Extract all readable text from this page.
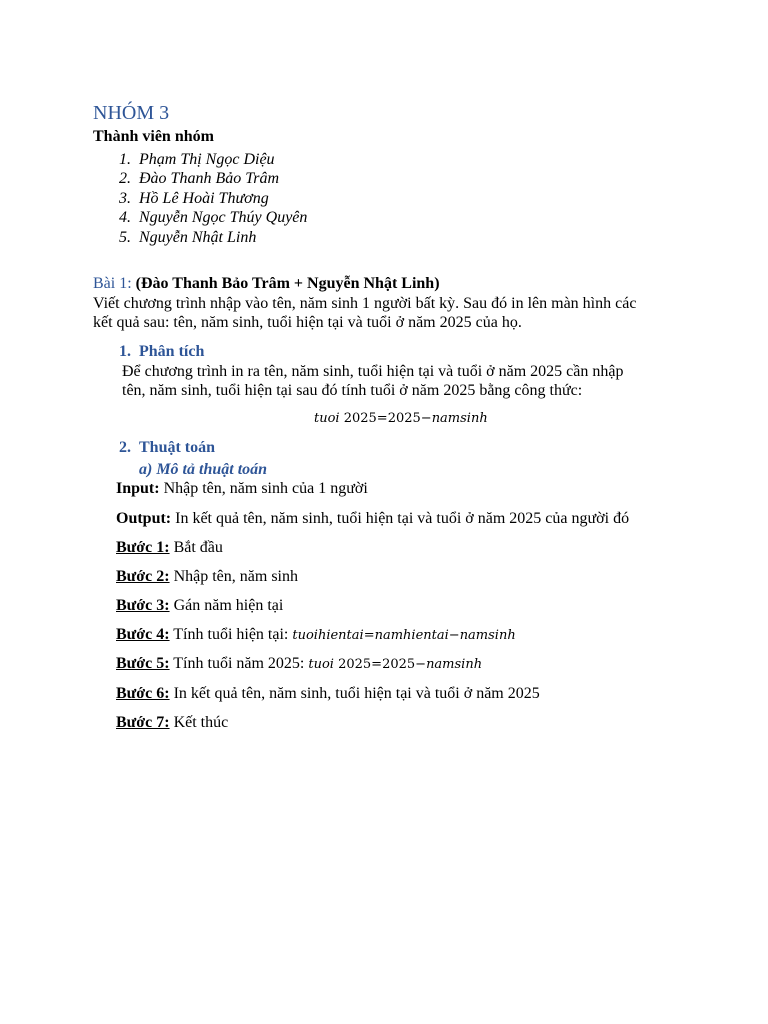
NHÓM 3
Thành viên nhóm
1. Phạm Thị Ngọc Diệu
2. Đào Thanh Bảo Trâm
3. Hồ Lê Hoài Thương
4. Nguyễn Ngọc Thúy Quyên
5. Nguyễn Nhật Linh
Bài 1: (Đào Thanh Bảo Trâm + Nguyễn Nhật Linh)
Viết chương trình nhập vào tên, năm sinh 1 người bất kỳ. Sau đó in lên màn hình các
kết quả sau: tên, năm sinh, tuổi hiện tại và tuổi ở năm 2025 của họ.
1. Phân tích
Để chương trình in ra tên, năm sinh, tuổi hiện tại và tuổi ở năm 2025 cần nhập
tên, năm sinh, tuổi hiện tại sau đó tính tuổi ở năm 2025 bằng công thức:
tuoi 2025=2025−namsinh
2. Thuật toán
a) Mô tả thuật toán
Input: Nhập tên, năm sinh của 1 người
Output: In kết quả tên, năm sinh, tuổi hiện tại và tuổi ở năm 2025 của người đó
Bước 1: Bắt đầu
Bước 2: Nhập tên, năm sinh
Bước 3: Gán năm hiện tại
Bước 4: Tính tuổi hiện tại: tuoihientai=namhientai−namsinh
Bước 5: Tính tuổi năm 2025: tuoi 2025=2025−namsinh
Bước 6: In kết quả tên, năm sinh, tuổi hiện tại và tuổi ở năm 2025
Bước 7: Kết thúc
